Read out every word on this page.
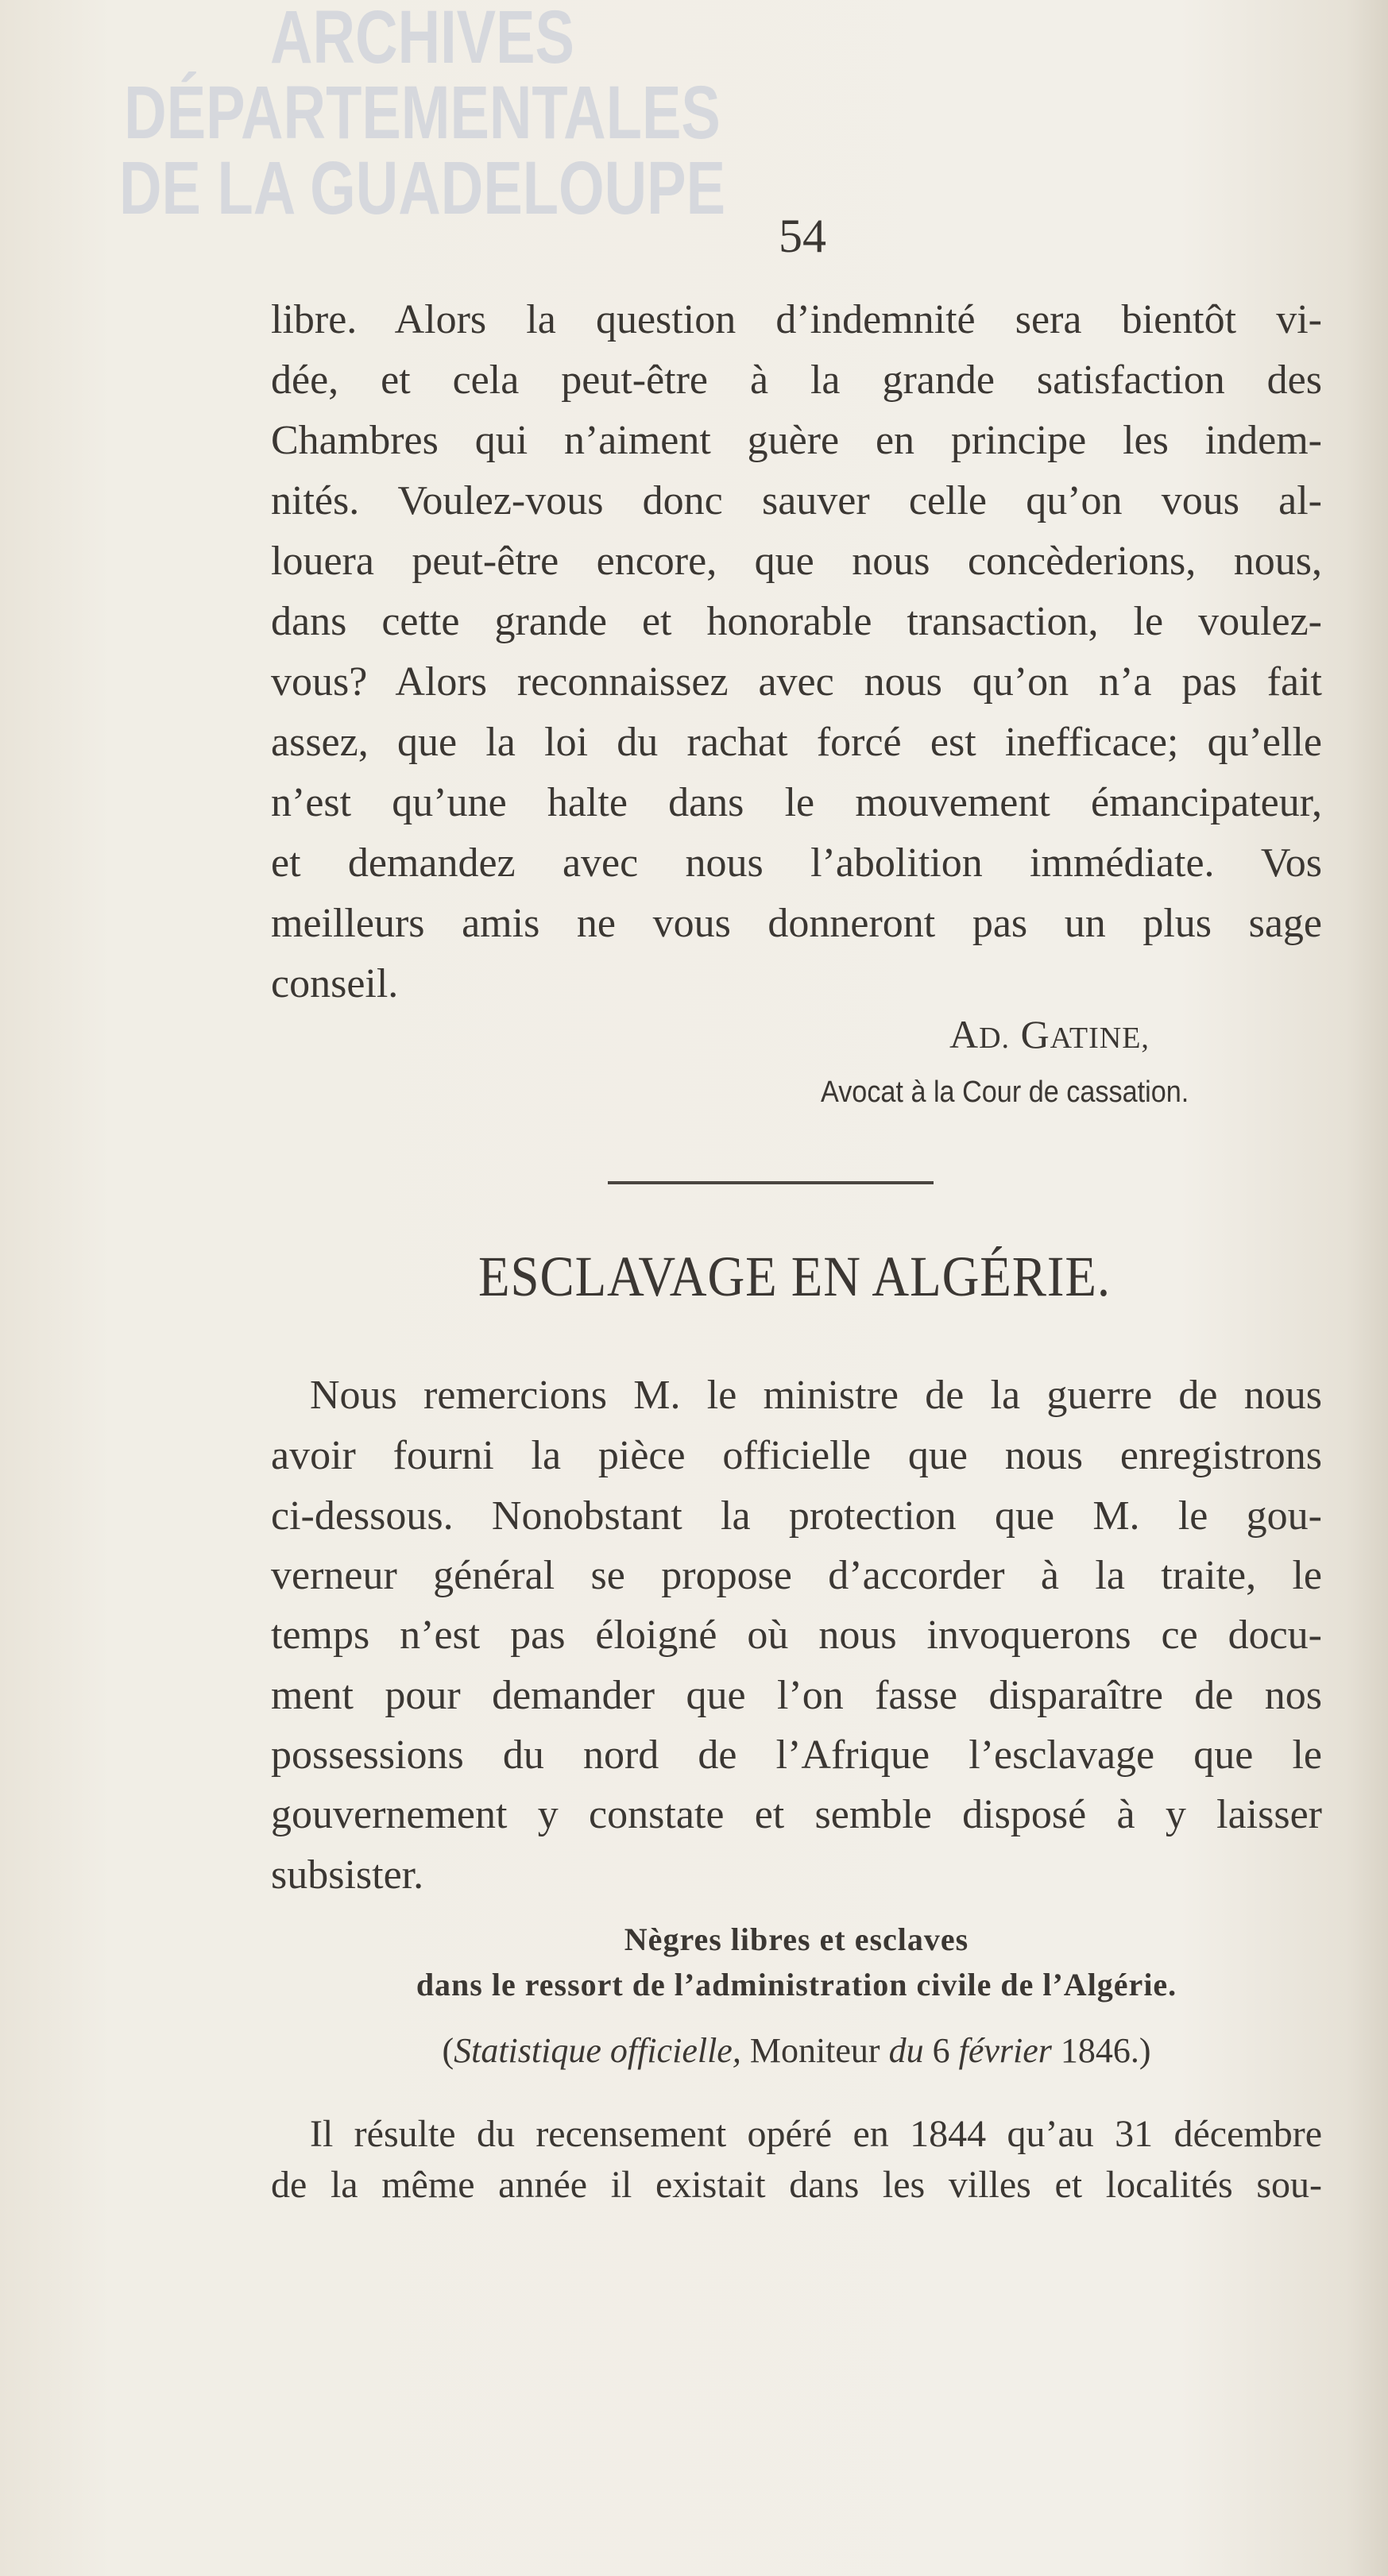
ARCHIVES
DÉPARTEMENTALES
DE LA GUADELOUPE
54
libre. Alors la question d’indemnité sera bientôt vi-
dée, et cela peut-être à la grande satisfaction des
Chambres qui n’aiment guère en principe les indem-
nités. Voulez-vous donc sauver celle qu’on vous al-
louera peut-être encore, que nous concèderions, nous,
dans cette grande et honorable transaction, le voulez-
vous? Alors reconnaissez avec nous qu’on n’a pas fait
assez, que la loi du rachat forcé est inefficace; qu’elle
n’est qu’une halte dans le mouvement émancipateur,
et demandez avec nous l’abolition immédiate. Vos
meilleurs amis ne vous donneront pas un plus sage
conseil.
AD. GATINE,
Avocat à la Cour de cassation.
ESCLAVAGE EN ALGÉRIE.
Nous remercions M. le ministre de la guerre de nous
avoir fourni la pièce officielle que nous enregistrons
ci-dessous. Nonobstant la protection que M. le gou-
verneur général se propose d’accorder à la traite, le
temps n’est pas éloigné où nous invoquerons ce docu-
ment pour demander que l’on fasse disparaître de nos
possessions du nord de l’Afrique l’esclavage que le
gouvernement y constate et semble disposé à y laisser
subsister.
Nègres libres et esclaves
dans le ressort de l’administration civile de l’Algérie.
(Statistique officielle, Moniteur du 6 février 1846.)
Il résulte du recensement opéré en 1844 qu’au 31 décembre
de la même année il existait dans les villes et localités sou-
